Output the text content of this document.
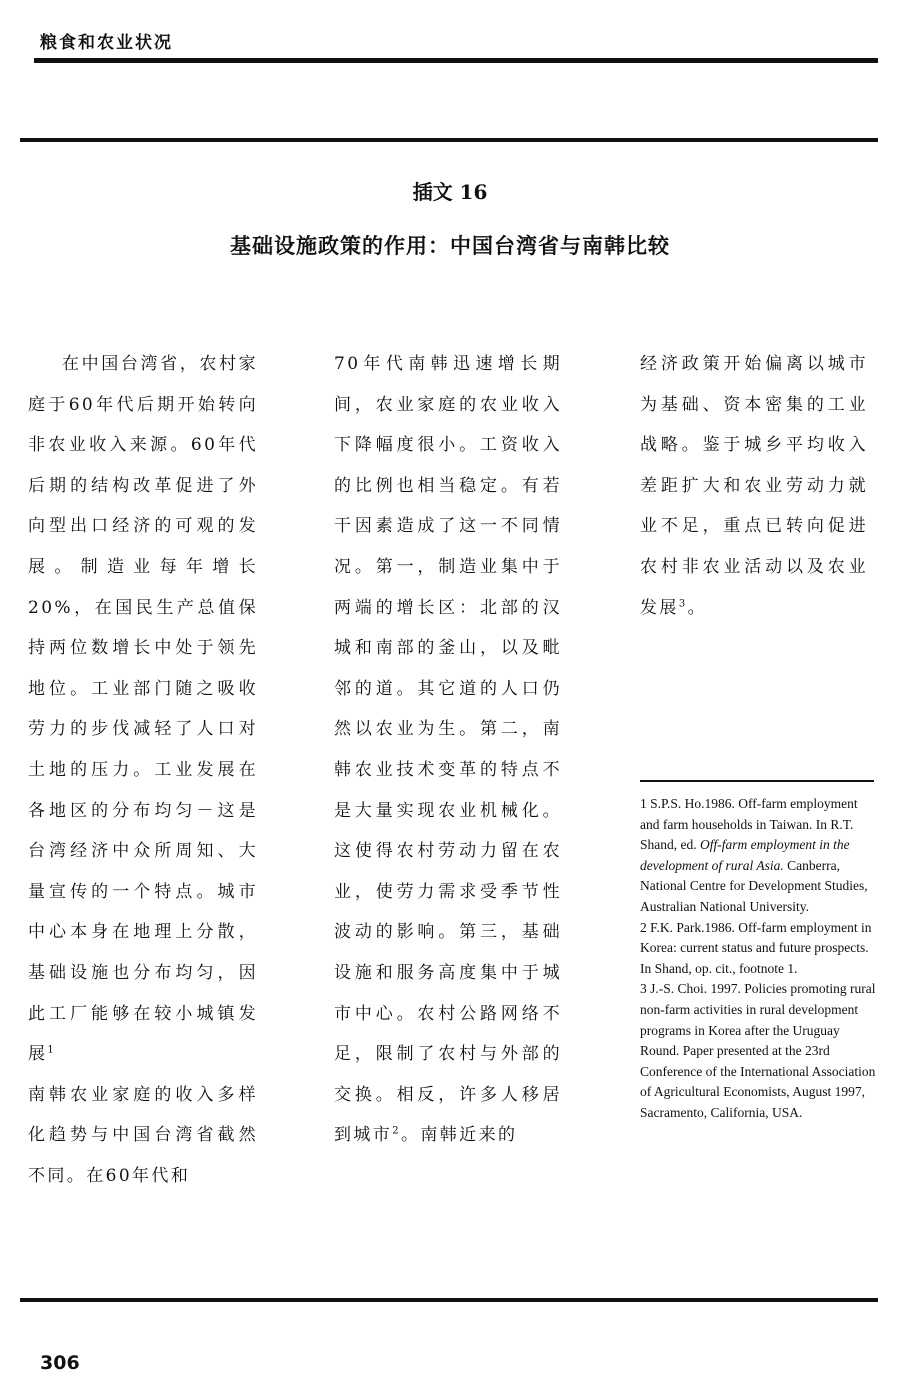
粮食和农业状况
插文 16
基础设施政策的作用：中国台湾省与南韩比较

在中国台湾省，农村家庭于60年代后期开始转向非农业收入来源。60年代后期的结构改革促进了外向型出口经济的可观的发展。制造业每年增长20%，在国民生产总值保持两位数增长中处于领先地位。工业部门随之吸收劳力的步伐减轻了人口对土地的压力。工业发展在各地区的分布均匀－这是台湾经济中众所周知、大量宣传的一个特点。城市中心本身在地理上分散，基础设施也分布均匀，因此工厂能够在较小城镇发展$^1$

南韩农业家庭的收入多样化趋势与中国台湾省截然不同。在60年代和

70年代南韩迅速增长期间，农业家庭的农业收入下降幅度很小。工资收入的比例也相当稳定。有若干因素造成了这一不同情况。第一，制造业集中于两端的增长区：北部的汉城和南部的釜山，以及毗邻的道。其它道的人口仍然以农业为生。第二，南韩农业技术变革的特点不是大量实现农业机械化。这使得农村劳动力留在农业，使劳力需求受季节性波动的影响。第三，基础设施和服务高度集中于城市中心。农村公路网络不足，限制了农村与外部的交换。相反，许多人移居到城市$^2$。南韩近来的

经济政策开始偏离以城市为基础、资本密集的工业战略。鉴于城乡平均收入差距扩大和农业劳动力就业不足，重点已转向促进农村非农业活动以及农业发展$^3$。

1 S.P.S. Ho.1986. Off-farm employment and farm households in Taiwan. In R.T. Shand, ed. Off-farm employment in the development of rural Asia. Canberra, National Centre for Development Studies, Australian National University.

2 F.K. Park.1986. Off-farm employment in Korea: current status and future prospects. In Shand, op. cit., footnote 1.

3 J.-S. Choi. 1997. Policies promoting rural non-farm activities in rural development programs in Korea after the Uruguay Round. Paper presented at the 23rd Conference of the International Association of Agricultural Economists, August 1997, Sacramento, California, USA.

306
